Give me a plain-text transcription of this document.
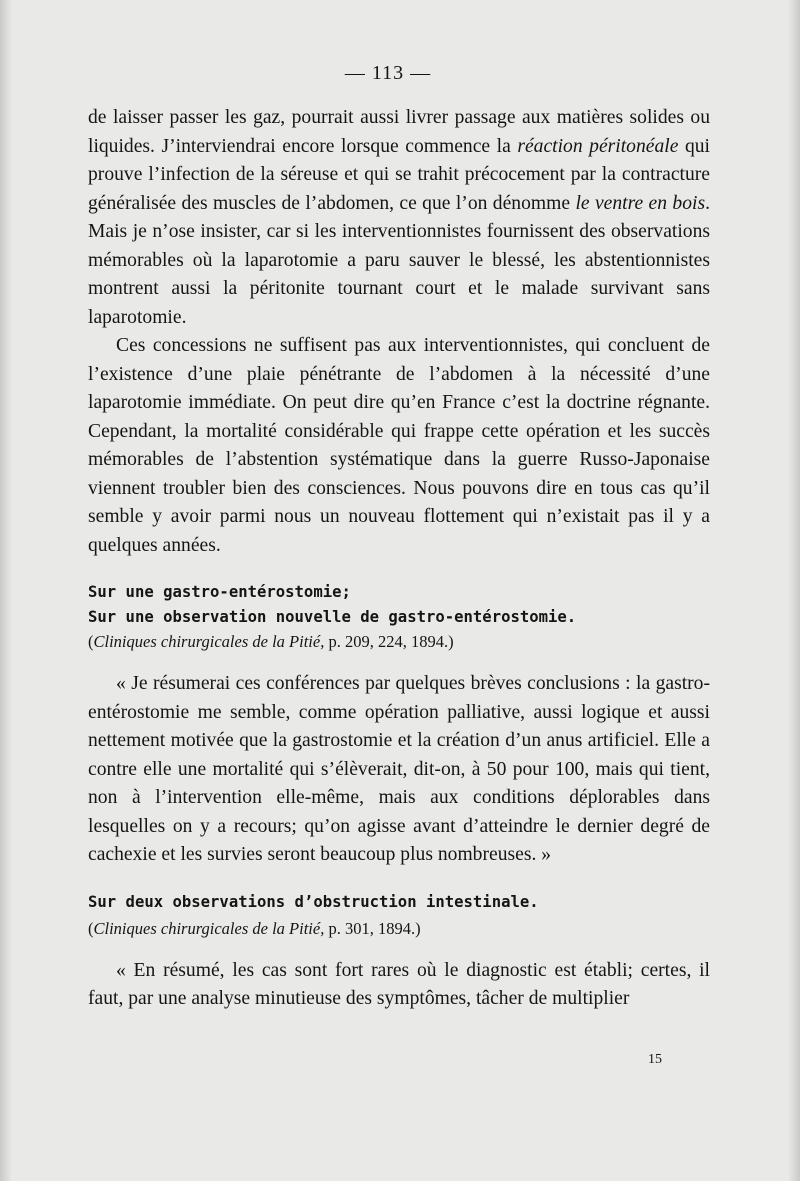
— 113 —

de laisser passer les gaz, pourrait aussi livrer passage aux matières solides ou liquides. J’interviendrai encore lorsque commence la réaction péritonéale qui prouve l’infection de la séreuse et qui se trahit précocement par la contracture généralisée des muscles de l’abdomen, ce que l’on dénomme le ventre en bois. Mais je n’ose insister, car si les interventionnistes fournissent des observations mémorables où la laparotomie a paru sauver le blessé, les abstentionnistes montrent aussi la péritonite tournant court et le malade survivant sans laparotomie.

Ces concessions ne suffisent pas aux interventionnistes, qui concluent de l’existence d’une plaie pénétrante de l’abdomen à la nécessité d’une laparotomie immédiate. On peut dire qu’en France c’est la doctrine régnante. Cependant, la mortalité considérable qui frappe cette opération et les succès mémorables de l’abstention systématique dans la guerre Russo-Japonaise viennent troubler bien des consciences. Nous pouvons dire en tous cas qu’il semble y avoir parmi nous un nouveau flottement qui n’existait pas il y a quelques années.

Sur une gastro-entérostomie;

Sur une observation nouvelle de gastro-entérostomie.

(Cliniques chirurgicales de la Pitié, p. 209, 224, 1894.)

« Je résumerai ces conférences par quelques brèves conclusions : la gastro-entérostomie me semble, comme opération palliative, aussi logique et aussi nettement motivée que la gastrostomie et la création d’un anus artificiel. Elle a contre elle une mortalité qui s’élèverait, dit-on, à 50 pour 100, mais qui tient, non à l’intervention elle-même, mais aux conditions déplorables dans lesquelles on y a recours; qu’on agisse avant d’atteindre le dernier degré de cachexie et les survies seront beaucoup plus nombreuses. »

Sur deux observations d’obstruction intestinale.

(Cliniques chirurgicales de la Pitié, p. 301, 1894.)

« En résumé, les cas sont fort rares où le diagnostic est établi; certes, il faut, par une analyse minutieuse des symptômes, tâcher de multiplier

15
